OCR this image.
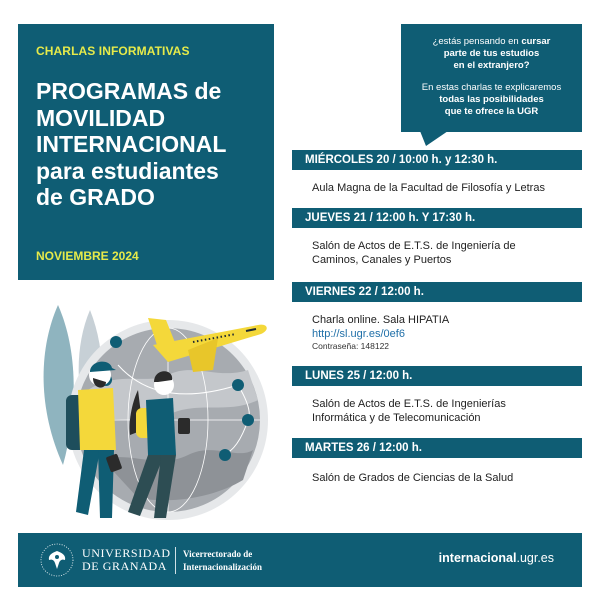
CHARLAS INFORMATIVAS
PROGRAMAS de
MOVILIDAD
INTERNACIONAL
para estudiantes
de GRADO
NOVIEMBRE 2024
¿estás pensando en cursar
parte de tus estudios
en el extranjero?
En estas charlas te explicaremos
todas las posibilidades
que te ofrece la UGR
MIÉRCOLES 20 / 10:00 h. y 12:30 h.
Aula Magna de la Facultad de Filosofía y Letras
JUEVES 21 / 12:00 h. Y 17:30 h.
Salón de Actos de E.T.S. de Ingeniería de
Caminos, Canales y Puertos
VIERNES 22 / 12:00 h.
Charla online. Sala HIPATIA
http://sl.ugr.es/0ef6
Contraseña: 148122
LUNES 25 / 12:00 h.
Salón de Actos de E.T.S. de Ingenierías
Informática y de Telecomunicación
MARTES 26 / 12:00 h.
Salón de Grados de Ciencias de la Salud
UNIVERSIDAD
DE GRANADA
Vicerrectorado de
Internacionalización
internacional.ugr.es
